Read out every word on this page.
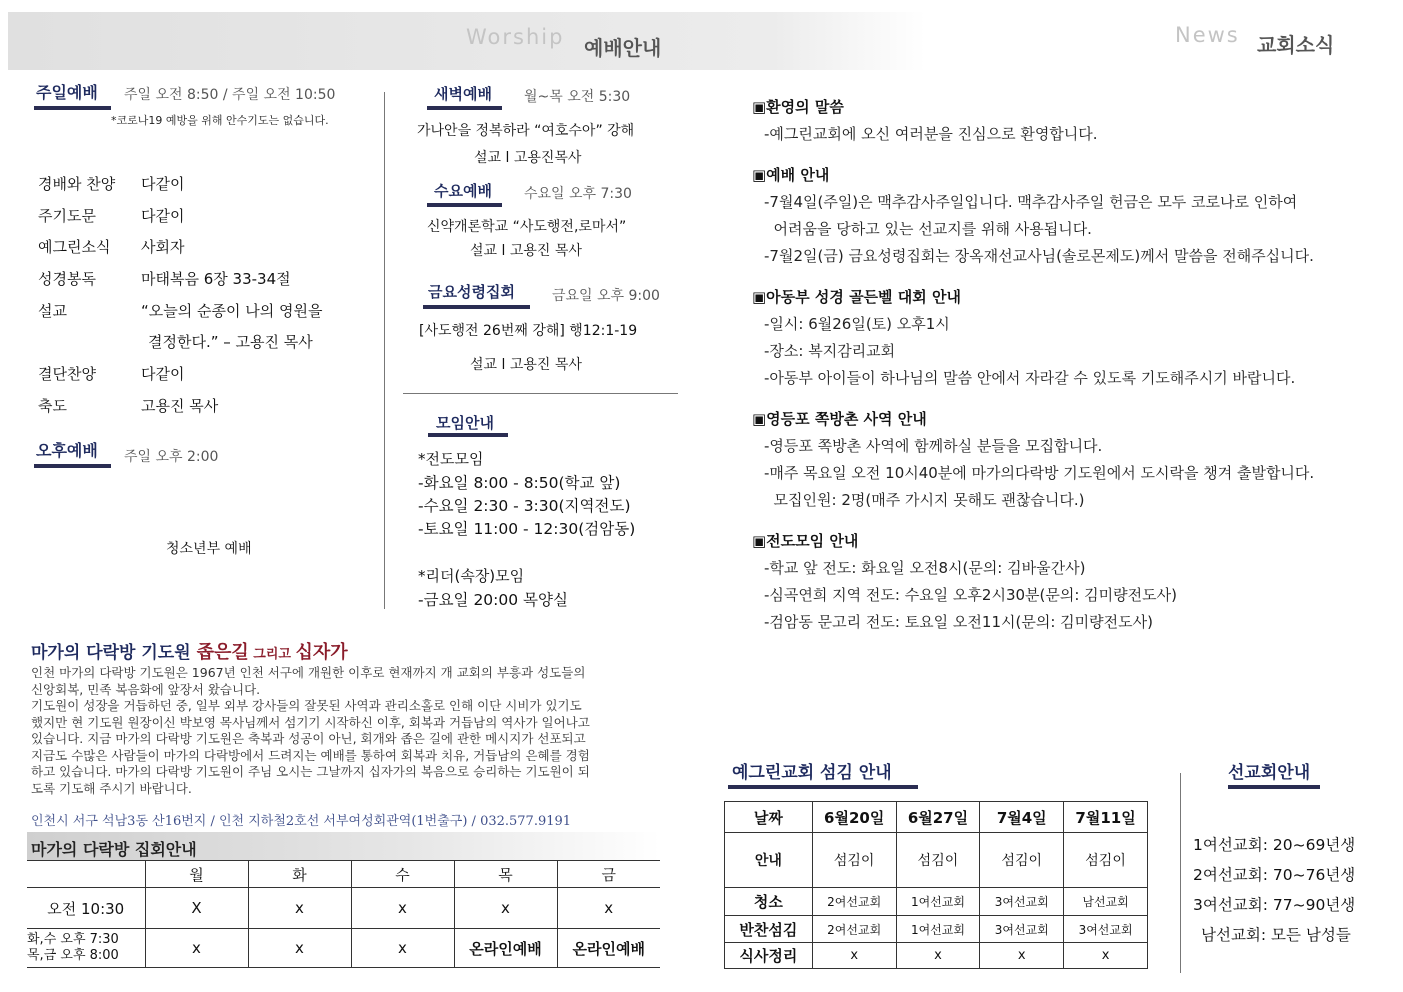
Worship 예배안내
News 교회소식
주일예배 주일 오전 8:50 / 주일 오전 10:50
*코로나19 예방을 위해 안수기도는 없습니다.
경배와 찬양 다같이
주기도문	다같이
예그린소식 사회자
성경봉독	마태복음 6장 33-34절
설교	“오늘의 순종이 나의 영원을
결정한다.” – 고용진 목사
결단찬양	다같이
축도	고용진 목사
오후예배 주일 오후 2:00
청소년부 예배
새벽예배 월~목 오전 5:30
가나안을 정복하라 “여호수아” 강해
설교 l 고용진목사
수요예배 수요일 오후 7:30
신약개론학교 “사도행전,로마서”
설교 l 고용진 목사
금요성령집회	금요일 오후 9:00
[사도행전 26번째 강해] 행12:1-19
설교 l 고용진 목사
모임안내
*전도모임
-화요일 8:00 - 8:50(학교 앞)
-수요일 2:30 - 3:30(지역전도)
-토요일 11:00 - 12:30(검암동)
*리더(속장)모임
-금요일 20:00 목양실
마가의 다락방 기도원 좁은길 그리고 십자가
인천 마가의 다락방 기도원은 1967년 인천 서구에 개원한 이후로 현재까지 개 교회의 부흥과 성도들의
신앙회복, 민족 복음화에 앞장서 왔습니다.
기도원이 성장을 거듭하던 중, 일부 외부 강사들의 잘못된 사역과 관리소홀로 인해 이단 시비가 있기도
했지만 현 기도원 원장이신 박보영 목사님께서 섬기기 시작하신 이후, 회복과 거듭남의 역사가 일어나고
있습니다. 지금 마가의 다락방 기도원은 축복과 성공이 아닌, 회개와 좁은 길에 관한 메시지가 선포되고
지금도 수많은 사람들이 마가의 다락방에서 드려지는 예배를 통하여 회복과 치유, 거듭남의 은혜를 경험
하고 있습니다. 마가의 다락방 기도원이 주님 오시는 그날까지 십자가의 복음으로 승리하는 기도원이 되
도록 기도해 주시기 바랍니다.
인천시 서구 석남3동 산16번지 / 인천 지하철2호선 서부여성회관역(1번출구) / 032.577.9191
마가의 다락방 집회안내
	월	화	수	목	금
오전 10:30	X	x	x	x	x

화,수 오후 7:30
목,금 오후 8:00	x	x	x	온라인예배	온라인예배
▣환영의 말씀
-예그린교회에 오신 여러분을 진심으로 환영합니다.
▣예배 안내
-7월4일(주일)은 맥추감사주일입니다. 맥추감사주일 헌금은 모두 코로나로 인하여
어려움을 당하고 있는 선교지를 위해 사용됩니다.
-7월2일(금) 금요성령집회는 장옥재선교사님(솔로몬제도)께서 말씀을 전해주십니다.
▣아동부 성경 골든벨 대회 안내
-일시: 6월26일(토) 오후1시
-장소: 복지감리교회
-아동부 아이들이 하나님의 말씀 안에서 자라갈 수 있도록 기도해주시기 바랍니다.
▣영등포 쪽방촌 사역 안내
-영등포 쪽방촌 사역에 함께하실 분들을 모집합니다.
-매주 목요일 오전 10시40분에 마가의다락방 기도원에서 도시락을 챙겨 출발합니다.
모집인원: 2명(매주 가시지 못해도 괜찮습니다.)
▣전도모임 안내
-학교 앞 전도: 화요일 오전8시(문의: 김바울간사)
-심곡연희 지역 전도: 수요일 오후2시30분(문의: 김미량전도사)
-검암동 문고리 전도: 토요일 오전11시(문의: 김미량전도사)
예그린교회 섬김 안내
날짜	6월20일	6월27일	7월4일	7월11일
안내	섬김이	섬김이	섬김이	섬김이
청소	2여선교회	1여선교회	3여선교회	남선교회
반찬섬김	2여선교회	1여선교회	3여선교회	3여선교회
식사정리	x	x	x	x
선교회안내
1여선교회: 20~69년생
2여선교회: 70~76년생
3여선교회: 77~90년생
남선교회: 모든 남성들
